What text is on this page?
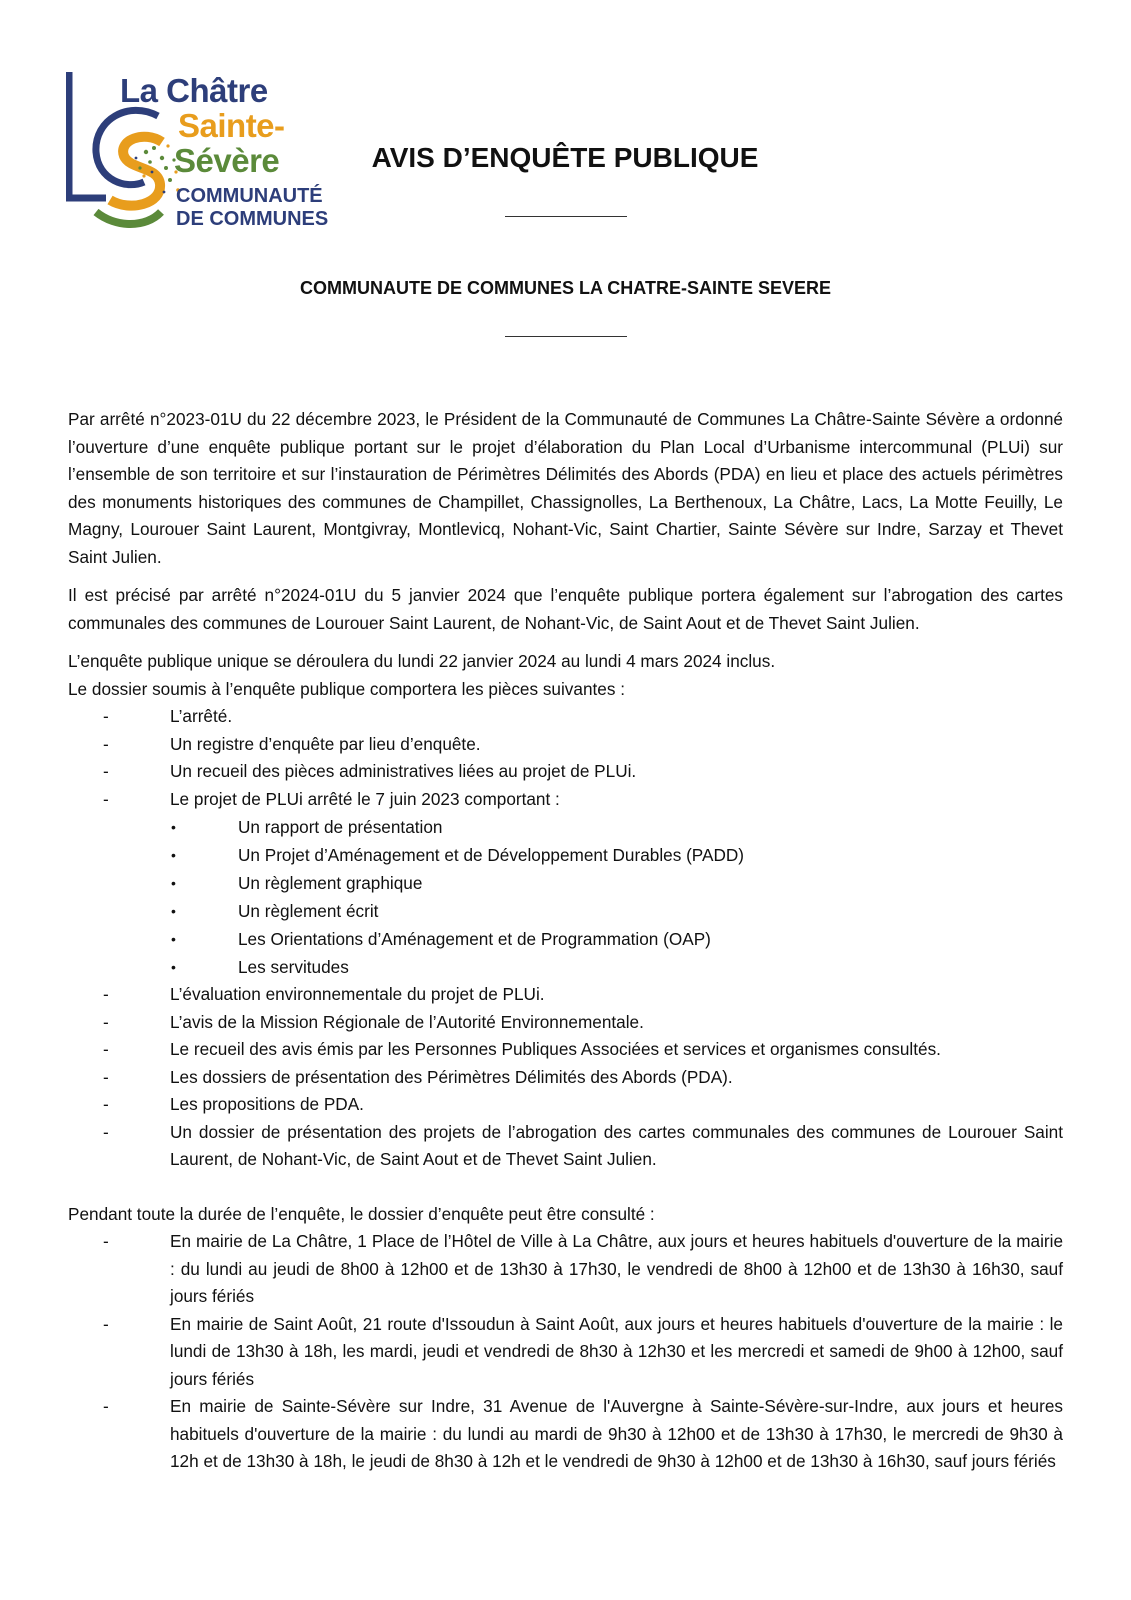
La Châtre
Sainte-
Sévère
COMMUNAUTÉ
DE COMMUNES
AVIS D’ENQUÊTE PUBLIQUE
COMMUNAUTE DE COMMUNES LA CHATRE-SAINTE SEVERE

Par arrêté n°2023-01U du 22 décembre 2023, le Président de la Communauté de Communes La Châtre-Sainte Sévère a ordonné l’ouverture d’une enquête publique portant sur le projet d’élaboration du Plan Local d’Urbanisme intercommunal (PLUi) sur l’ensemble de son territoire et sur l’instauration de Périmètres Délimités des Abords (PDA) en lieu et place des actuels périmètres des monuments historiques des communes de Champillet, Chassignolles, La Berthenoux, La Châtre, Lacs, La Motte Feuilly, Le Magny, Lourouer Saint Laurent, Montgivray, Montlevicq, Nohant-Vic, Saint Chartier, Sainte Sévère sur Indre, Sarzay et Thevet Saint Julien.

Il est précisé par arrêté n°2024-01U du 5 janvier 2024 que l’enquête publique portera également sur l’abrogation des cartes communales des communes de Lourouer Saint Laurent, de Nohant-Vic, de Saint Aout et de Thevet Saint Julien.

L’enquête publique unique se déroulera du lundi 22 janvier 2024 au lundi 4 mars 2024 inclus.

Le dossier soumis à l’enquête publique comportera les pièces suivantes :

-	L’arrêté.
-	Un registre d’enquête par lieu d’enquête.
-	Un recueil des pièces administratives liées au projet de PLUi.
-	Le projet de PLUi arrêté le 7 juin 2023 comportant :
•	Un rapport de présentation
•	Un Projet d’Aménagement et de Développement Durables (PADD)
•	Un règlement graphique
•	Un règlement écrit
•	Les Orientations d’Aménagement et de Programmation (OAP)
•	Les servitudes
-	L’évaluation environnementale du projet de PLUi.
-	L’avis de la Mission Régionale de l’Autorité Environnementale.
-	Le recueil des avis émis par les Personnes Publiques Associées et services et organismes consultés.
-	Les dossiers de présentation des Périmètres Délimités des Abords (PDA).
-	Les propositions de PDA.
-	Un dossier de présentation des projets de l’abrogation des cartes communales des communes de Lourouer Saint Laurent, de Nohant-Vic, de Saint Aout et de Thevet Saint Julien.

Pendant toute la durée de l’enquête, le dossier d’enquête peut être consulté :

-	En mairie de La Châtre, 1 Place de l’Hôtel de Ville à La Châtre, aux jours et heures habituels d'ouverture de la mairie : du lundi au jeudi de 8h00 à 12h00 et de 13h30 à 17h30, le vendredi de 8h00 à 12h00 et de 13h30 à 16h30, sauf jours fériés
-	En mairie de Saint Août, 21 route d'Issoudun à Saint Août, aux jours et heures habituels d'ouverture de la mairie : le lundi de 13h30 à 18h, les mardi, jeudi et vendredi de 8h30 à 12h30 et les mercredi et samedi de 9h00 à 12h00, sauf jours fériés
-	En mairie de Sainte-Sévère sur Indre, 31 Avenue de l'Auvergne à Sainte-Sévère-sur-Indre, aux jours et heures habituels d'ouverture de la mairie : du lundi au mardi de 9h30 à 12h00 et de 13h30 à 17h30, le mercredi de 9h30 à 12h et de 13h30 à 18h, le jeudi de 8h30 à 12h et le vendredi de 9h30 à 12h00 et de 13h30 à 16h30, sauf jours fériés
